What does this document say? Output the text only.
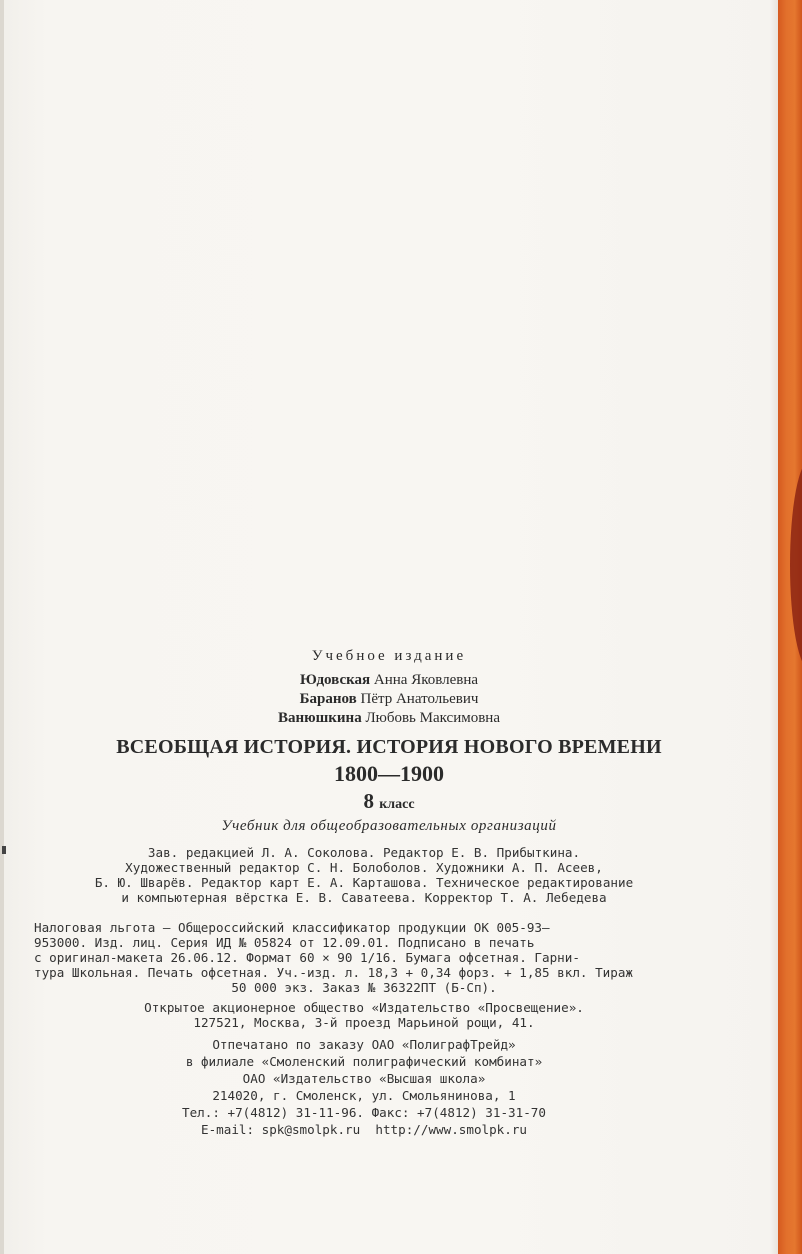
Учебное издание

Юдовская Анна Яковлевна
Баранов Пётр Анатольевич
Ванюшкина Любовь Максимовна

ВСЕОБЩАЯ ИСТОРИЯ. ИСТОРИЯ НОВОГО ВРЕМЕНИ

1800—1900

8 класс

Учебник для общеобразовательных организаций

Зав. редакцией Л. А. Соколова. Редактор Е. В. Прибыткина.
Художественный редактор С. Н. Болоболов. Художники А. П. Асеев,
Б. Ю. Шварёв. Редактор карт Е. А. Карташова. Техническое редактирование
и компьютерная вёрстка Е. В. Саватеева. Корректор Т. А. Лебедева
Налоговая льгота — Общероссийский классификатор продукции ОК 005-93—
953000. Изд. лиц. Серия ИД № 05824 от 12.09.01. Подписано в печать
с оригинал-макета 26.06.12. Формат 60 × 90 1/16. Бумага офсетная. Гарни-
тура Школьная. Печать офсетная. Уч.-изд. л. 18,3 + 0,34 форз. + 1,85 вкл. Тираж
50 000 экз. Заказ № 36322ПТ (Б-Сп).
Открытое акционерное общество «Издательство «Просвещение».
127521, Москва, 3-й проезд Марьиной рощи, 41.
Отпечатано по заказу ОАО «ПолиграфТрейд»
в филиале «Смоленский полиграфический комбинат»
ОАО «Издательство «Высшая школа»
214020, г. Смоленск, ул. Смольянинова, 1
Тел.: +7(4812) 31-11-96. Факс: +7(4812) 31-31-70
E-mail: spk@smolpk.ru  http://www.smolpk.ru
